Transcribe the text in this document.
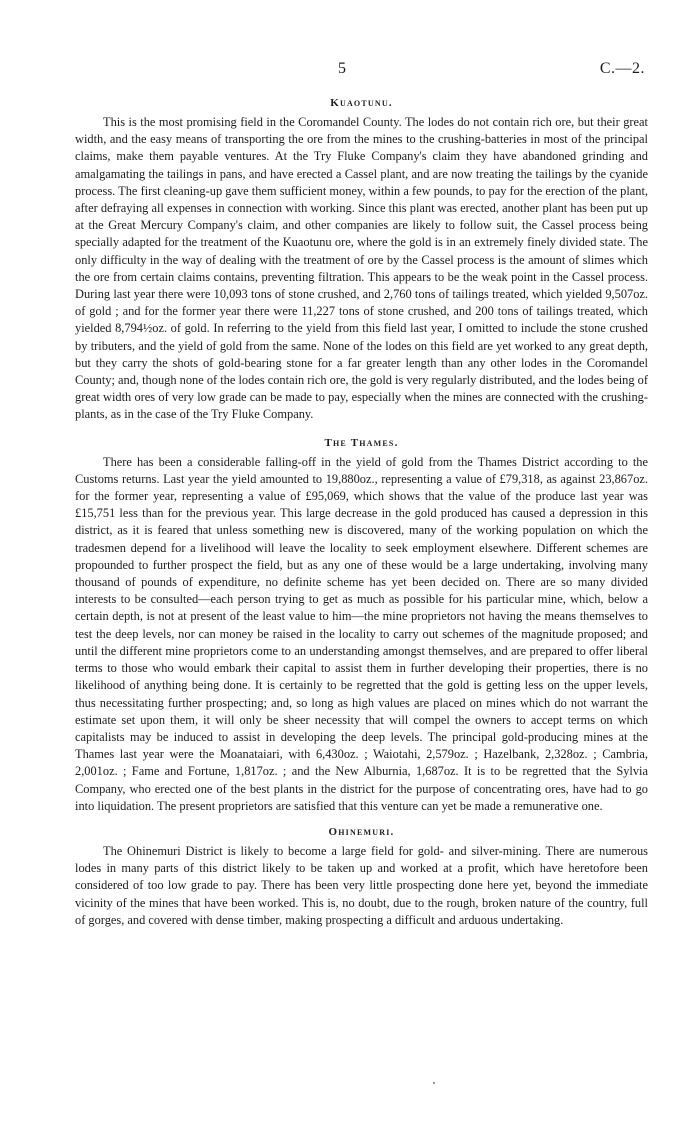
5	C.—2.
Kuaotunu.

This is the most promising field in the Coromandel County. The lodes do not contain rich ore, but their great width, and the easy means of transporting the ore from the mines to the crushing-batteries in most of the principal claims, make them payable ventures. At the Try Fluke Company's claim they have abandoned grinding and amalgamating the tailings in pans, and have erected a Cassel plant, and are now treating the tailings by the cyanide process. The first cleaning-up gave them sufficient money, within a few pounds, to pay for the erection of the plant, after defraying all expenses in connection with working. Since this plant was erected, another plant has been put up at the Great Mercury Company's claim, and other companies are likely to follow suit, the Cassel process being specially adapted for the treatment of the Kuaotunu ore, where the gold is in an extremely finely divided state. The only difficulty in the way of dealing with the treatment of ore by the Cassel process is the amount of slimes which the ore from certain claims contains, preventing filtration. This appears to be the weak point in the Cassel process. During last year there were 10,093 tons of stone crushed, and 2,760 tons of tailings treated, which yielded 9,507oz. of gold ; and for the former year there were 11,227 tons of stone crushed, and 200 tons of tailings treated, which yielded 8,794½oz. of gold. In referring to the yield from this field last year, I omitted to include the stone crushed by tributers, and the yield of gold from the same. None of the lodes on this field are yet worked to any great depth, but they carry the shots of gold-bearing stone for a far greater length than any other lodes in the Coromandel County; and, though none of the lodes contain rich ore, the gold is very regularly distributed, and the lodes being of great width ores of very low grade can be made to pay, especially when the mines are connected with the crushing-plants, as in the case of the Try Fluke Company.

The Thames.

There has been a considerable falling-off in the yield of gold from the Thames District according to the Customs returns. Last year the yield amounted to 19,880oz., representing a value of £79,318, as against 23,867oz. for the former year, representing a value of £95,069, which shows that the value of the produce last year was £15,751 less than for the previous year. This large decrease in the gold produced has caused a depression in this district, as it is feared that unless something new is discovered, many of the working population on which the tradesmen depend for a livelihood will leave the locality to seek employment elsewhere. Different schemes are propounded to further prospect the field, but as any one of these would be a large undertaking, involving many thousand of pounds of expenditure, no definite scheme has yet been decided on. There are so many divided interests to be consulted—each person trying to get as much as possible for his particular mine, which, below a certain depth, is not at present of the least value to him—the mine proprietors not having the means themselves to test the deep levels, nor can money be raised in the locality to carry out schemes of the magnitude proposed; and until the different mine proprietors come to an understanding amongst themselves, and are prepared to offer liberal terms to those who would embark their capital to assist them in further developing their properties, there is no likelihood of anything being done. It is certainly to be regretted that the gold is getting less on the upper levels, thus necessitating further prospecting; and, so long as high values are placed on mines which do not warrant the estimate set upon them, it will only be sheer necessity that will compel the owners to accept terms on which capitalists may be induced to assist in developing the deep levels. The principal gold-producing mines at the Thames last year were the Moanataiari, with 6,430oz. ; Waiotahi, 2,579oz. ; Hazelbank, 2,328oz. ; Cambria, 2,001oz. ; Fame and Fortune, 1,817oz. ; and the New Alburnia, 1,687oz. It is to be regretted that the Sylvia Company, who erected one of the best plants in the district for the purpose of concentrating ores, have had to go into liquidation. The present proprietors are satisfied that this venture can yet be made a remunerative one.

Ohinemuri.

The Ohinemuri District is likely to become a large field for gold- and silver-mining. There are numerous lodes in many parts of this district likely to be taken up and worked at a profit, which have heretofore been considered of too low grade to pay. There has been very little prospecting done here yet, beyond the immediate vicinity of the mines that have been worked. This is, no doubt, due to the rough, broken nature of the country, full of gorges, and covered with dense timber, making prospecting a difficult and arduous undertaking.
